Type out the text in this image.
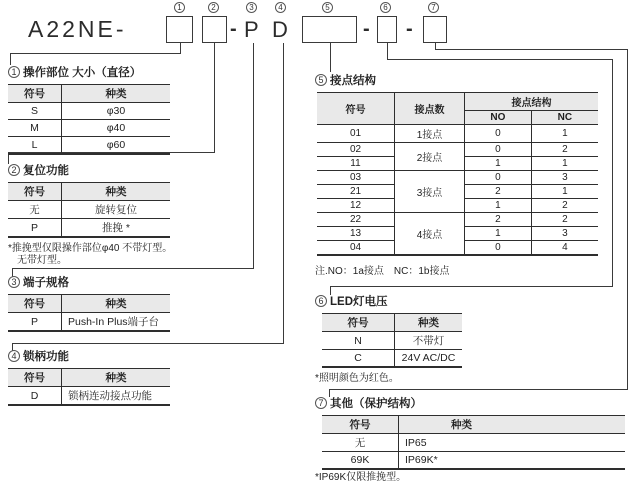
A22NE-
1	2	3	4	5	6	7
- P D	- -
1 操作部位 大小（直径）
符号	种类
S	φ30
M	φ40
L	φ60
2 复位功能
符号	种类
无	旋转复位
P	推挽 *
*推挽型仅限操作部位φ40 不带灯型。
无带灯型。
3 端子规格
符号	种类
P	Push-In Plus端子台
4 锁柄功能
符号	种类
D	锁柄连动接点功能
5 接点结构
符号	接点数	接点结构	
		NO	NC
01	1接点	0	1
02	2接点	0	2
11		1	1
03	3接点	0	3
21		2	1
12		1	2
22	4接点	2	2
13		1	3
04		0	4
注.NO：1a接点　NC：1b接点
6 LED灯电压
符号	种类
N	不带灯
C	24V AC/DC
*照明颜色为红色。
7 其他（保护结构）
符号	种类
无	IP65
69K	IP69K*
*IP69K仅限推挽型。
